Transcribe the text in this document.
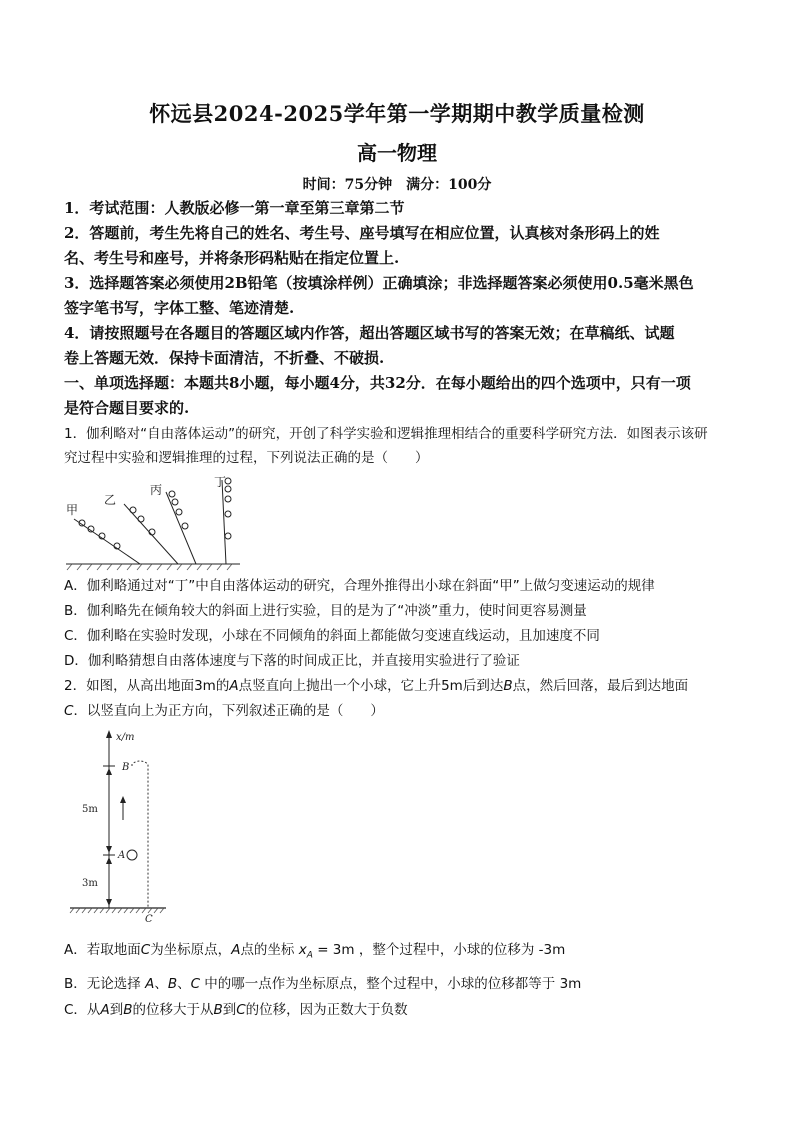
怀远县2024-2025学年第一学期期中教学质量检测
高一物理
时间：75分钟　满分：100分
1．考试范围：人教版必修一第一章至第三章第二节
2．答题前，考生先将自己的姓名、考生号、座号填写在相应位置，认真核对条形码上的姓
名、考生号和座号，并将条形码粘贴在指定位置上.
3．选择题答案必须使用2B铅笔（按填涂样例）正确填涂；非选择题答案必须使用0.5毫米黑色
签字笔书写，字体工整、笔迹清楚.
4．请按照题号在各题目的答题区域内作答，超出答题区域书写的答案无效；在草稿纸、试题
卷上答题无效．保持卡面清洁，不折叠、不破损.
一、单项选择题：本题共8小题，每小题4分，共32分．在每小题给出的四个选项中，只有一项
是符合题目要求的.
1．伽利略对“自由落体运动”的研究，开创了科学实验和逻辑推理相结合的重要科学研究方法．如图表示该研
究过程中实验和逻辑推理的过程，下列说法正确的是（　　）
甲
乙
丙
丁
A．伽利略通过对“丁”中自由落体运动的研究，合理外推得出小球在斜面“甲”上做匀变速运动的规律
B．伽利略先在倾角较大的斜面上进行实验，目的是为了“冲淡”重力，使时间更容易测量
C．伽利略在实验时发现，小球在不同倾角的斜面上都能做匀变速直线运动，且加速度不同
D．伽利略猜想自由落体速度与下落的时间成正比，并直接用实验进行了验证
2．如图，从高出地面3m的A点竖直向上抛出一个小球，它上升5m后到达B点，然后回落，最后到达地面
C．以竖直向上为正方向，下列叙述正确的是（　　）
x/m
5m
3m
B
A
C
A．若取地面C为坐标原点，A点的坐标 $x_A = 3m$ ，整个过程中，小球的位移为 -3m
B．无论选择 A、B、C 中的哪一点作为坐标原点，整个过程中，小球的位移都等于 3m
C．从A到B的位移大于从B到C的位移，因为正数大于负数
